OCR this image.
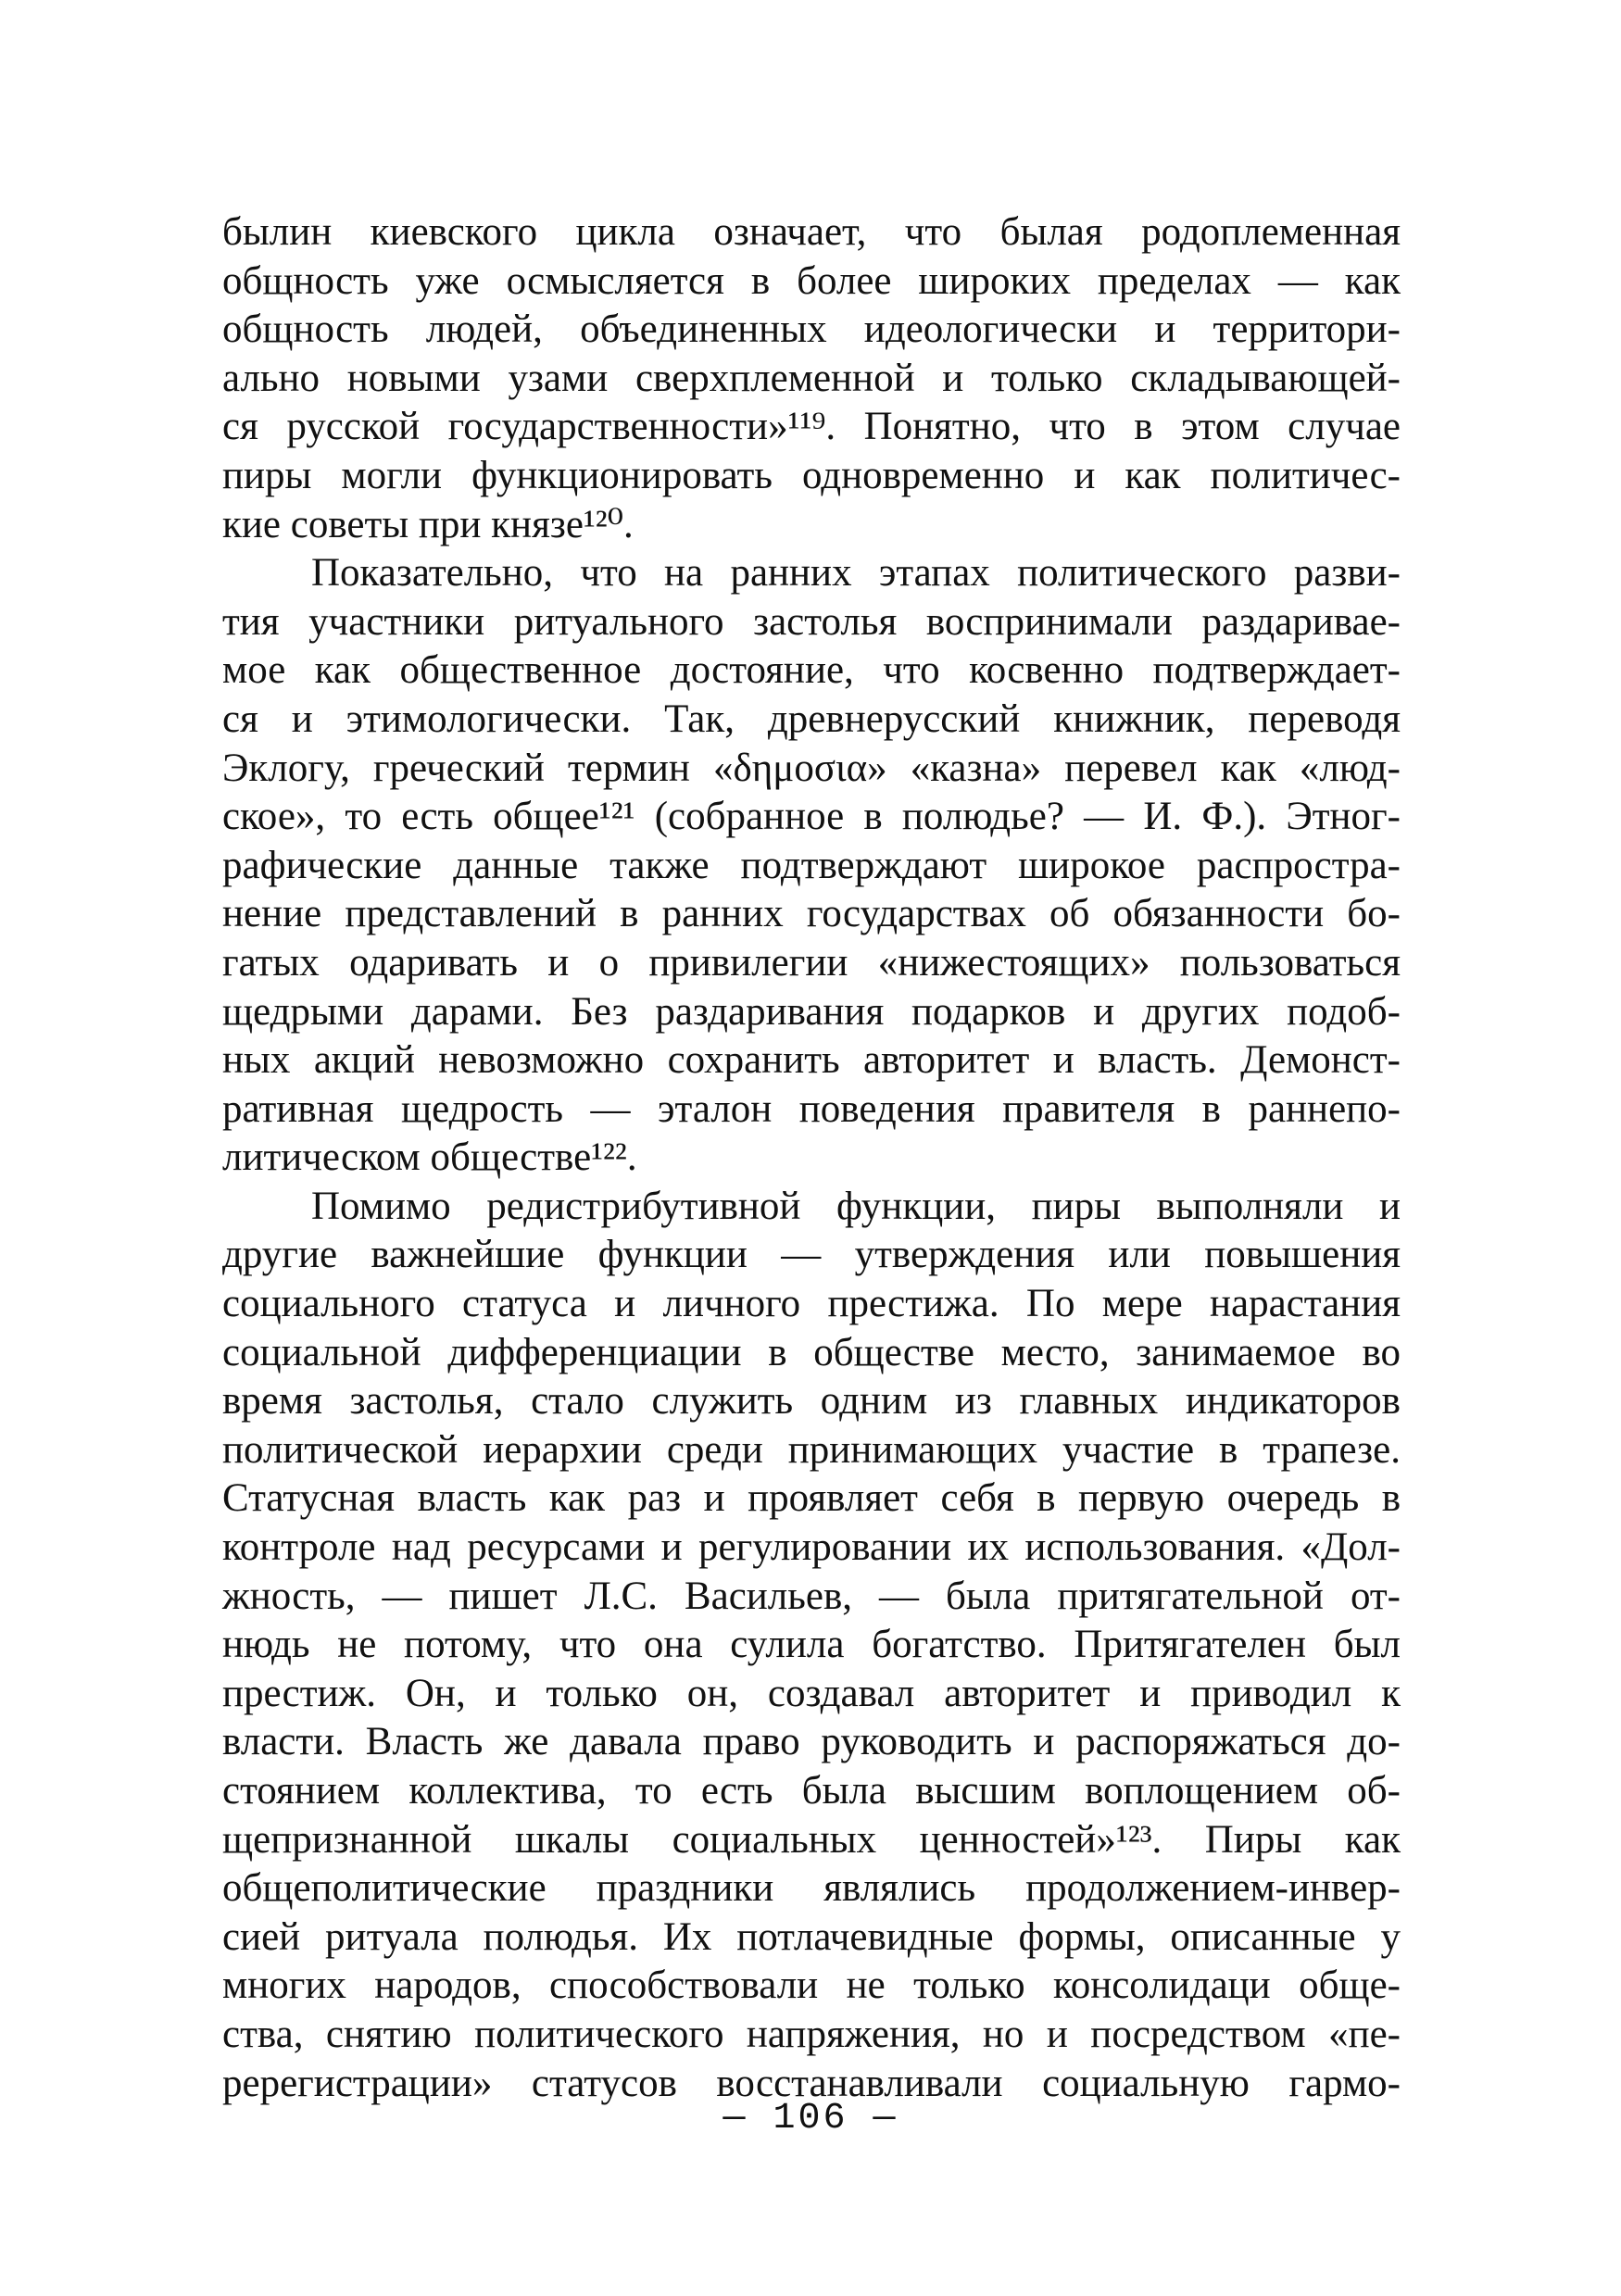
былин киевского цикла означает, что былая родоплеменная
общность уже осмысляется в более широких пределах — как
общность людей, объединенных идеологически и территори-
ально новыми узами сверхплеменной и только складывающей-
ся русской государственности»¹¹⁹. Понятно, что в этом случае
пиры могли функционировать одновременно и как политичес-
кие советы при князе¹²⁰.
Показательно, что на ранних этапах политического разви-
тия участники ритуального застолья воспринимали раздариваe-
мое как общественное достояние, что косвенно подтверждает-
ся и этимологически. Так, древнерусский книжник, переводя
Эклогу, греческий термин «δημοσια» «казна» перевел как «люд-
ское», то есть общее¹²¹ (собранное в полюдье? — И. Ф.). Этног-
рафические данные также подтверждают широкое распростра-
нение представлений в ранних государствах об обязанности бо-
гатых одаривать и о привилегии «нижестоящих» пользоваться
щедрыми дарами. Без раздаривания подарков и других подоб-
ных акций невозможно сохранить авторитет и власть. Демонст-
ративная щедрость — эталон поведения правителя в раннепо-
литическом обществе¹²².
Помимо редистрибутивной функции, пиры выполняли и
другие важнейшие функции — утверждения или повышения
социального статуса и личного престижа. По мере нарастания
социальной дифференциации в обществе место, занимаемое во
время застолья, стало служить одним из главных индикаторов
политической иерархии среди принимающих участие в трапезе.
Статусная власть как раз и проявляет себя в первую очередь в
контроле над ресурсами и регулировании их использования. «Дол-
жность, — пишет Л.С. Васильев, — была притягательной от-
нюдь не потому, что она сулила богатство. Притягателен был
престиж. Он, и только он, создавал авторитет и приводил к
власти. Власть же давала право руководить и распоряжаться до-
стоянием коллектива, то есть была высшим воплощением об-
щепризнанной шкалы социальных ценностей»¹²³. Пиры как
общеполитические праздники являлись продолжением-инвер-
сией ритуала полюдья. Их потлачевидные формы, описанные у
многих народов, способствовали не только консолидаци обще-
ства, снятию политического напряжения, но и посредством «пе-
ререгистрации» статусов восстанавливали социальную гармо-
— 106 —
